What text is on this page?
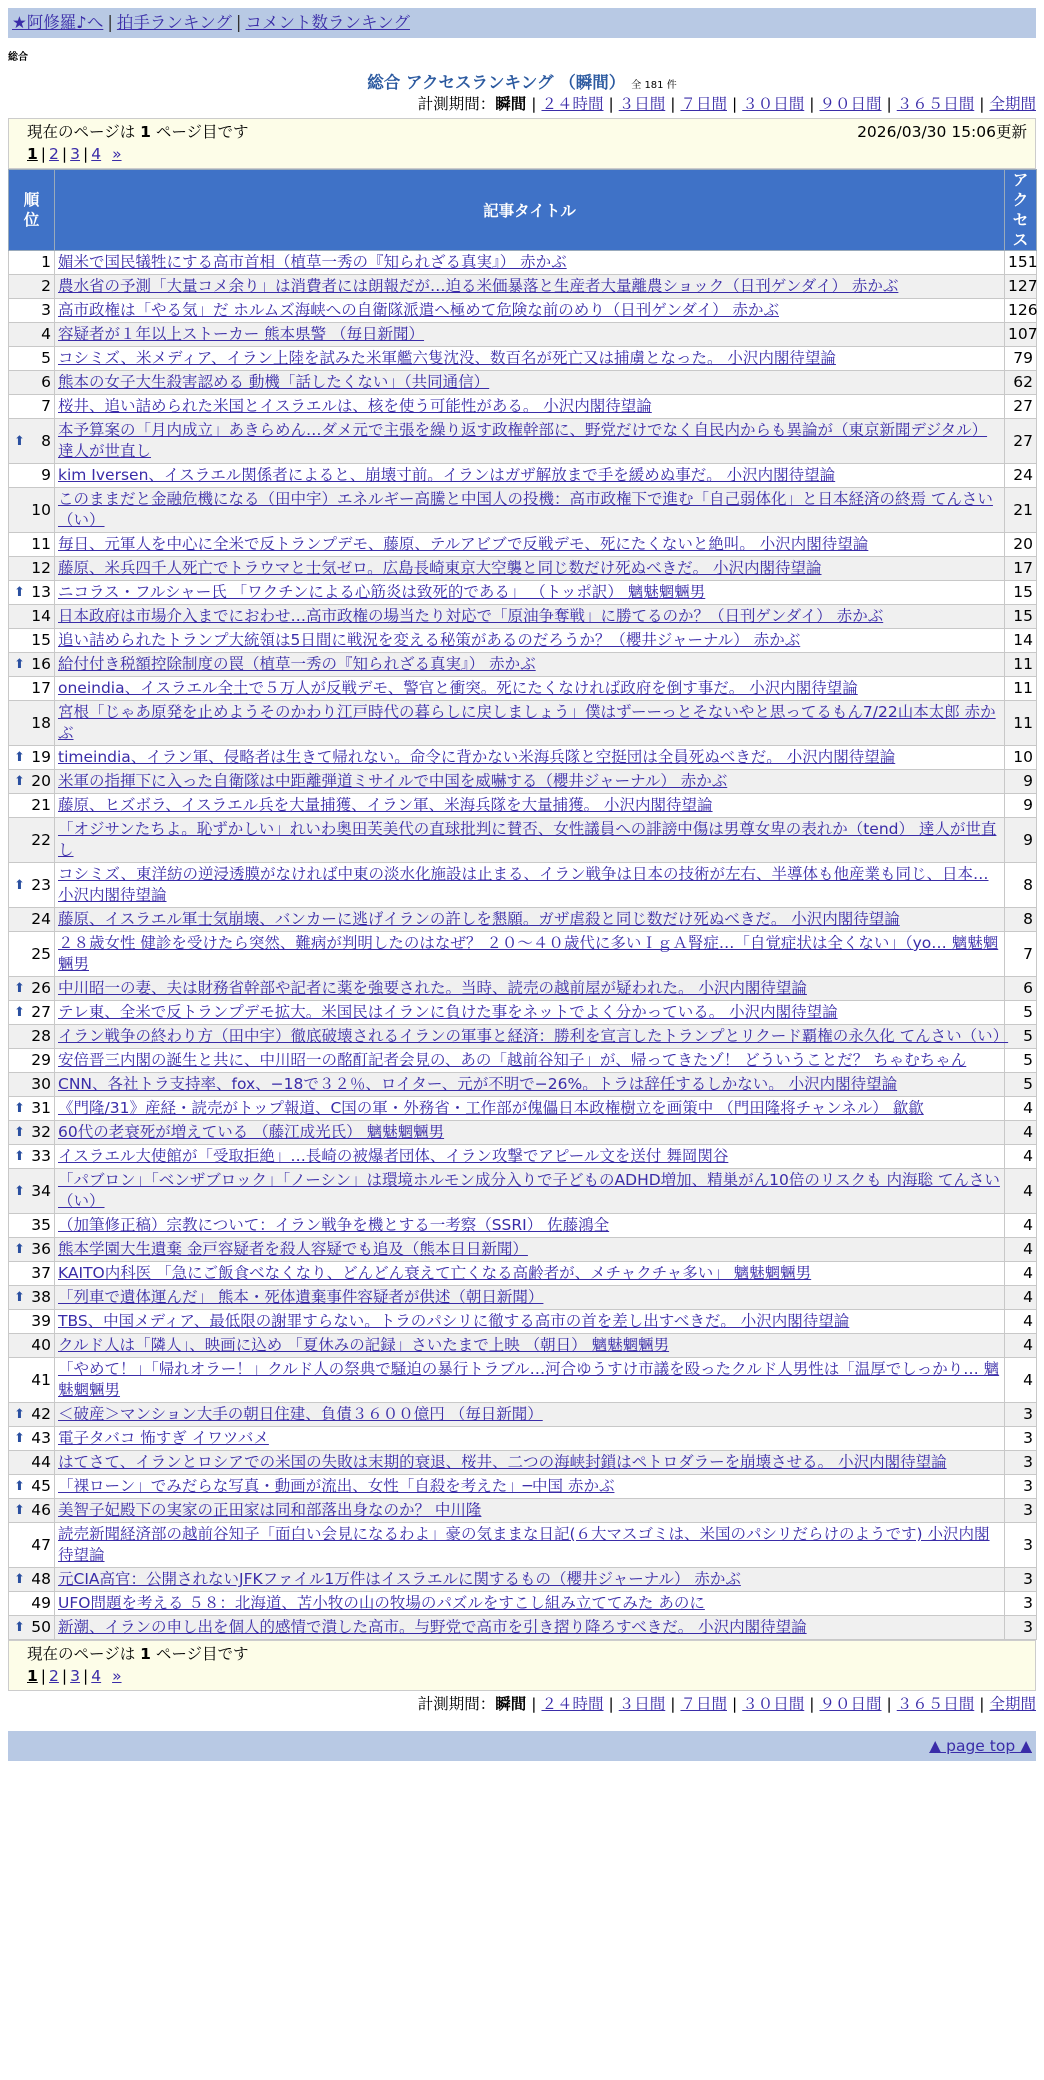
★阿修羅♪へ | 拍手ランキング | コメント数ランキング
総合
総合 アクセスランキング （瞬間） 全 181 件
計測期間：瞬間 | ２４時間 | ３日間 | ７日間 | ３０日間 | ９０日間 | ３６５日間 | 全期間
現在のページは 1 ページ目です	2026/03/30 15:06更新
1 | 2 | 3 | 4 »
順位	記事タイトル	アクセス
1	媚米で国民犠牲にする高市首相（植草一秀の『知られざる真実』） 赤かぶ	151
2	農水省の予測「大量コメ余り」は消費者には朗報だが…迫る米価暴落と生産者大量離農ショック（日刊ゲンダイ） 赤かぶ	127
3	高市政権は「やる気」だ ホルムズ海峡への自衛隊派遣へ極めて危険な前のめり（日刊ゲンダイ） 赤かぶ	126
4	容疑者が１年以上ストーカー 熊本県警 （毎日新聞）	107
5	コシミズ、米メディア、イラン上陸を試みた米軍艦六隻沈没、数百名が死亡又は捕虜となった。 小沢内閣待望論	79
6	熊本の女子大生殺害認める 動機「話したくない」（共同通信）	62
7	桜井、追い詰められた米国とイスラエルは、核を使う可能性がある。 小沢内閣待望論	27

⬆ 8	本予算案の「月内成立」あきらめん…ダメ元で主張を繰り返す政権幹部に、野党だけでなく自民内からも異論が（東京新聞デジタル） 達人が世直し	27
9	kim Iversen、イスラエル関係者によると、崩壊寸前。イランはガザ解放まで手を緩めぬ事だ。 小沢内閣待望論	24
10	このままだと金融危機になる（田中宇）エネルギー高騰と中国人の投機：高市政権下で進む「自己弱体化」と日本経済の終焉 てんさい（い）	21
11	毎日、元軍人を中心に全米で反トランプデモ、藤原、テルアビブで反戦デモ、死にたくないと絶叫。 小沢内閣待望論	20
12	藤原、米兵四千人死亡でトラウマと士気ゼロ。広島長崎東京大空襲と同じ数だけ死ぬべきだ。 小沢内閣待望論	17

⬆ 13	ニコラス・フルシャー氏 「ワクチンによる心筋炎は致死的である」 （トッポ訳） 魑魅魍魎男	15
14	日本政府は市場介入までにおわせ…高市政権の場当たり対応で「原油争奪戦」に勝てるのか？（日刊ゲンダイ） 赤かぶ	15
15	追い詰められたトランプ大統領は5日間に戦況を変える秘策があるのだろうか？（櫻井ジャーナル） 赤かぶ	14

⬆ 16	給付付き税額控除制度の罠（植草一秀の『知られざる真実』） 赤かぶ	11
17	oneindia、イスラエル全土で５万人が反戦デモ、警官と衝突。死にたくなければ政府を倒す事だ。 小沢内閣待望論	11
18	宮根「じゃあ原発を止めようそのかわり江戸時代の暮らしに戻しましょう」僕はずーーっとそないやと思ってるもん7/22山本太郎 赤かぶ	11

⬆ 19	timeindia、イラン軍、侵略者は生きて帰れない。命令に背かない米海兵隊と空挺団は全員死ぬべきだ。 小沢内閣待望論	10

⬆ 20	米軍の指揮下に入った自衛隊は中距離弾道ミサイルで中国を威嚇する（櫻井ジャーナル） 赤かぶ	9
21	藤原、ヒズボラ、イスラエル兵を大量捕獲、イラン軍、米海兵隊を大量捕獲。 小沢内閣待望論	9
22	「オジサンたちよ。恥ずかしい」れいわ奥田芙美代の直球批判に賛否、女性議員への誹謗中傷は男尊女卑の表れか（tend） 達人が世直し	9

⬆ 23	コシミズ、東洋紡の逆浸透膜がなければ中東の淡水化施設は止まる、イラン戦争は日本の技術が左右、半導体も他産業も同じ、日本… 小沢内閣待望論	8
24	藤原、イスラエル軍士気崩壊、バンカーに逃げイランの許しを懇願。ガザ虐殺と同じ数だけ死ぬべきだ。 小沢内閣待望論	8
25	２８歳女性 健診を受けたら突然、難病が判明したのはなぜ？ ２０～４０歳代に多いＩｇＡ腎症…「自覚症状は全くない」（yo… 魑魅魍魎男	7

⬆ 26	中川昭一の妻、夫は財務省幹部や記者に薬を強要された。当時、読売の越前屋が疑われた。 小沢内閣待望論	6

⬆ 27	テレ東、全米で反トランプデモ拡大。米国民はイランに負けた事をネットでよく分かっている。 小沢内閣待望論	5
28	イラン戦争の終わり方（田中宇）徹底破壊されるイランの軍事と経済：勝利を宣言したトランプとリクード覇権の永久化 てんさい（い）	5
29	安倍晋三内閣の誕生と共に、中川昭一の酩酊記者会見の、あの「越前谷知子」が、帰ってきたゾ！ どういうことだ？ ちゃむちゃん	5
30	CNN、各社トラ支持率、fox、−18で３２％、ロイター、元が不明で−26%。トラは辞任するしかない。 小沢内閣待望論	5

⬆ 31	《門隆/31》産経・読売がトップ報道、C国の軍・外務省・工作部が傀儡日本政権樹立を画策中 （門田隆将チャンネル） 歙歙	4

⬆ 32	60代の老衰死が増えている （藤江成光氏） 魑魅魍魎男	4

⬆ 33	イスラエル大使館が「受取拒絶」…長崎の被爆者団体、イラン攻撃でアピール文を送付 舞岡関谷	4

⬆ 34	「パブロン」「ベンザブロック」「ノーシン」は環境ホルモン成分入りで子どものADHD増加、精巣がん10倍のリスクも 内海聡 てんさい（い）	4
35	（加筆修正稿）宗教について：イラン戦争を機とする一考察（SSRI） 佐藤鴻全	4

⬆ 36	熊本学園大生遺棄 金戸容疑者を殺人容疑でも追及（熊本日日新聞）	4
37	KAITO内科医 「急にご飯食べなくなり、どんどん衰えて亡くなる高齢者が、メチャクチャ多い」 魑魅魍魎男	4

⬆ 38	「列車で遺体運んだ」 熊本・死体遺棄事件容疑者が供述（朝日新聞）	4
39	TBS、中国メディア、最低限の謝罪すらない。トラのパシリに徹する高市の首を差し出すべきだ。 小沢内閣待望論	4
40	クルド人は「隣人」、映画に込め 「夏休みの記録」さいたまで上映 （朝日） 魑魅魍魎男	4
41	「やめて！」「帰れオラー！」クルド人の祭典で騒迫の暴行トラブル…河合ゆうすけ市議を殴ったクルド人男性は「温厚でしっかり… 魑魅魍魎男	4

⬆ 42	＜破産＞マンション大手の朝日住建、負債３６００億円 （毎日新聞）	3

⬆ 43	電子タバコ 怖すぎ イワツバメ	3
44	はてさて、イランとロシアでの米国の失敗は末期的衰退、桜井、二つの海峡封鎖はペトロダラーを崩壊させる。 小沢内閣待望論	3

⬆ 45	「裸ローン」でみだらな写真・動画が流出、女性「自殺を考えた」─中国 赤かぶ	3

⬆ 46	美智子妃殿下の実家の正田家は同和部落出身なのか？ 中川隆	3
47	読売新聞経済部の越前谷知子「面白い会見になるわよ」豪の気ままな日記(６大マスゴミは、米国のパシリだらけのようです) 小沢内閣待望論	3

⬆ 48	元CIA高官：公開されないJFKファイル1万件はイスラエルに関するもの（櫻井ジャーナル） 赤かぶ	3
49	UFO問題を考える ５８：北海道、苫小牧の山の牧場のパズルをすこし組み立ててみた あのに	3

⬆ 50	新潮、イランの申し出を個人的感情で潰した高市。与野党で高市を引き摺り降ろすべきだ。 小沢内閣待望論	3
現在のページは 1 ページ目です
1 | 2 | 3 | 4 »
計測期間：瞬間 | ２４時間 | ３日間 | ７日間 | ３０日間 | ９０日間 | ３６５日間 | 全期間
▲ page top ▲
